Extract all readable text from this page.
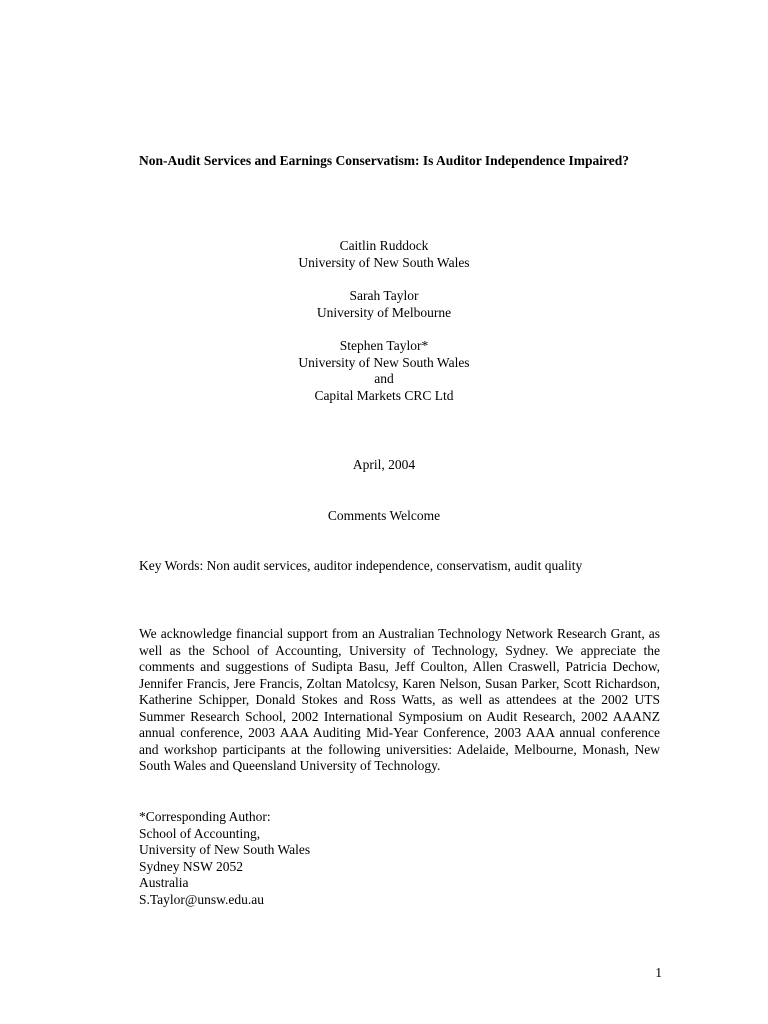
Non-Audit Services and Earnings Conservatism: Is Auditor Independence Impaired?
Caitlin Ruddock
University of New South Wales
Sarah Taylor
University of Melbourne
Stephen Taylor*
University of New South Wales
and
Capital Markets CRC Ltd
April, 2004
Comments Welcome
Key Words: Non audit services, auditor independence, conservatism, audit quality
We acknowledge financial support from an Australian Technology Network Research Grant, as well as the School of Accounting, University of Technology, Sydney. We appreciate the comments and suggestions of Sudipta Basu, Jeff Coulton, Allen Craswell, Patricia Dechow, Jennifer Francis, Jere Francis, Zoltan Matolcsy, Karen Nelson, Susan Parker, Scott Richardson, Katherine Schipper, Donald Stokes and Ross Watts, as well as attendees at the 2002 UTS Summer Research School, 2002 International Symposium on Audit Research, 2002 AAANZ annual conference, 2003 AAA Auditing Mid-Year Conference, 2003 AAA annual conference and workshop participants at the following universities: Adelaide, Melbourne, Monash, New South Wales and Queensland University of Technology.
*Corresponding Author:
School of Accounting,
University of New South Wales
Sydney NSW 2052
Australia
S.Taylor@unsw.edu.au
1
